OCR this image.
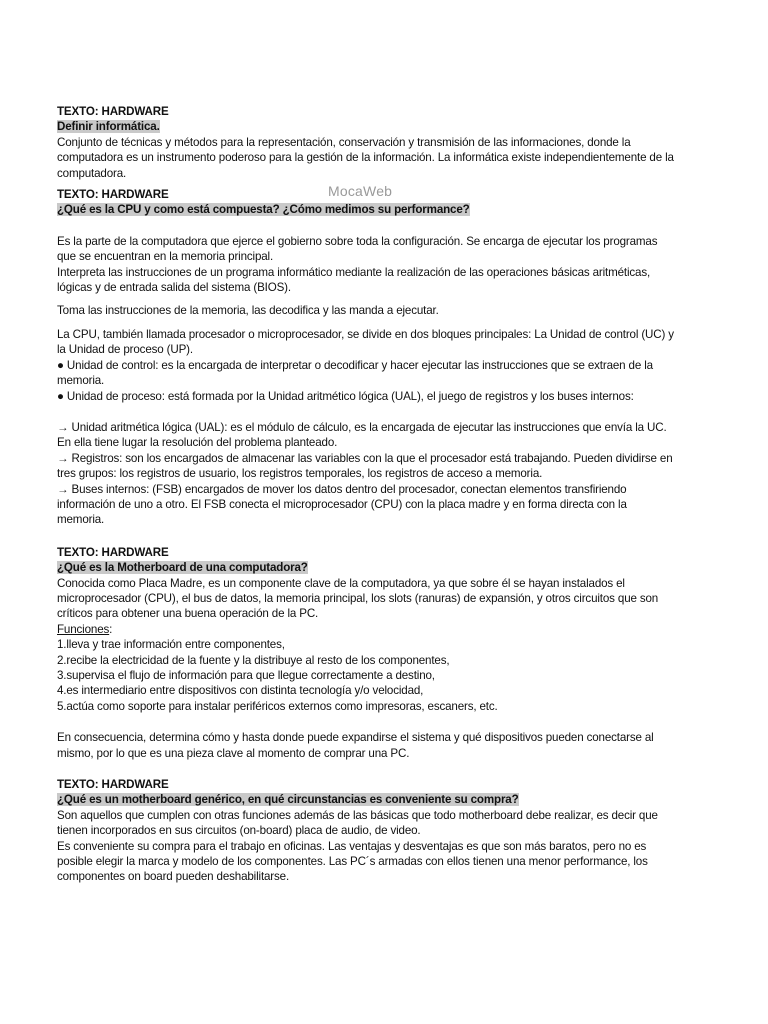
MocaWeb
TEXTO: HARDWARE
Definir informática.
Conjunto de técnicas y métodos para la representación, conservación y transmisión de las informaciones, donde la
computadora es un instrumento poderoso para la gestión de la información. La informática existe independientemente de la
computadora.
TEXTO: HARDWARE
¿Qué es la CPU y como está compuesta? ¿Cómo medimos su performance?
Es la parte de la computadora que ejerce el gobierno sobre toda la configuración. Se encarga de ejecutar los programas
que se encuentran en la memoria principal.
Interpreta las instrucciones de un programa informático mediante la realización de las operaciones básicas aritméticas,
lógicas y de entrada salida del sistema (BIOS).
Toma las instrucciones de la memoria, las decodifica y las manda a ejecutar.
La CPU, también llamada procesador o microprocesador, se divide en dos bloques principales: La Unidad de control (UC) y
la Unidad de proceso (UP).
● Unidad de control: es la encargada de interpretar o decodificar y hacer ejecutar las instrucciones que se extraen de la
memoria.
● Unidad de proceso: está formada por la Unidad aritmético lógica (UAL), el juego de registros y los buses internos:
→ Unidad aritmética lógica (UAL): es el módulo de cálculo, es la encargada de ejecutar las instrucciones que envía la UC.
En ella tiene lugar la resolución del problema planteado.
→ Registros: son los encargados de almacenar las variables con la que el procesador está trabajando. Pueden dividirse en
tres grupos: los registros de usuario, los registros temporales, los registros de acceso a memoria.
→ Buses internos: (FSB) encargados de mover los datos dentro del procesador, conectan elementos transfiriendo
información de uno a otro. El FSB conecta el microprocesador (CPU) con la placa madre y en forma directa con la
memoria.
TEXTO: HARDWARE
¿Qué es la Motherboard de una computadora?
Conocida como Placa Madre, es un componente clave de la computadora, ya que sobre él se hayan instalados el
microprocesador (CPU), el bus de datos, la memoria principal, los slots (ranuras) de expansión, y otros circuitos que son
críticos para obtener una buena operación de la PC.
Funciones:
1.lleva y trae información entre componentes,
2.recibe la electricidad de la fuente y la distribuye al resto de los componentes,
3.supervisa el flujo de información para que llegue correctamente a destino,
4.es intermediario entre dispositivos con distinta tecnología y/o velocidad,
5.actúa como soporte para instalar periféricos externos como impresoras, escaners, etc.
En consecuencia, determina cómo y hasta donde puede expandirse el sistema y qué dispositivos pueden conectarse al
mismo, por lo que es una pieza clave al momento de comprar una PC.
TEXTO: HARDWARE
¿Qué es un motherboard genérico, en qué circunstancias es conveniente su compra?
Son aquellos que cumplen con otras funciones además de las básicas que todo motherboard debe realizar, es decir que
tienen incorporados en sus circuitos (on-board) placa de audio, de video.
Es conveniente su compra para el trabajo en oficinas. Las ventajas y desventajas es que son más baratos, pero no es
posible elegir la marca y modelo de los componentes. Las PC´s armadas con ellos tienen una menor performance, los
componentes on board pueden deshabilitarse.
